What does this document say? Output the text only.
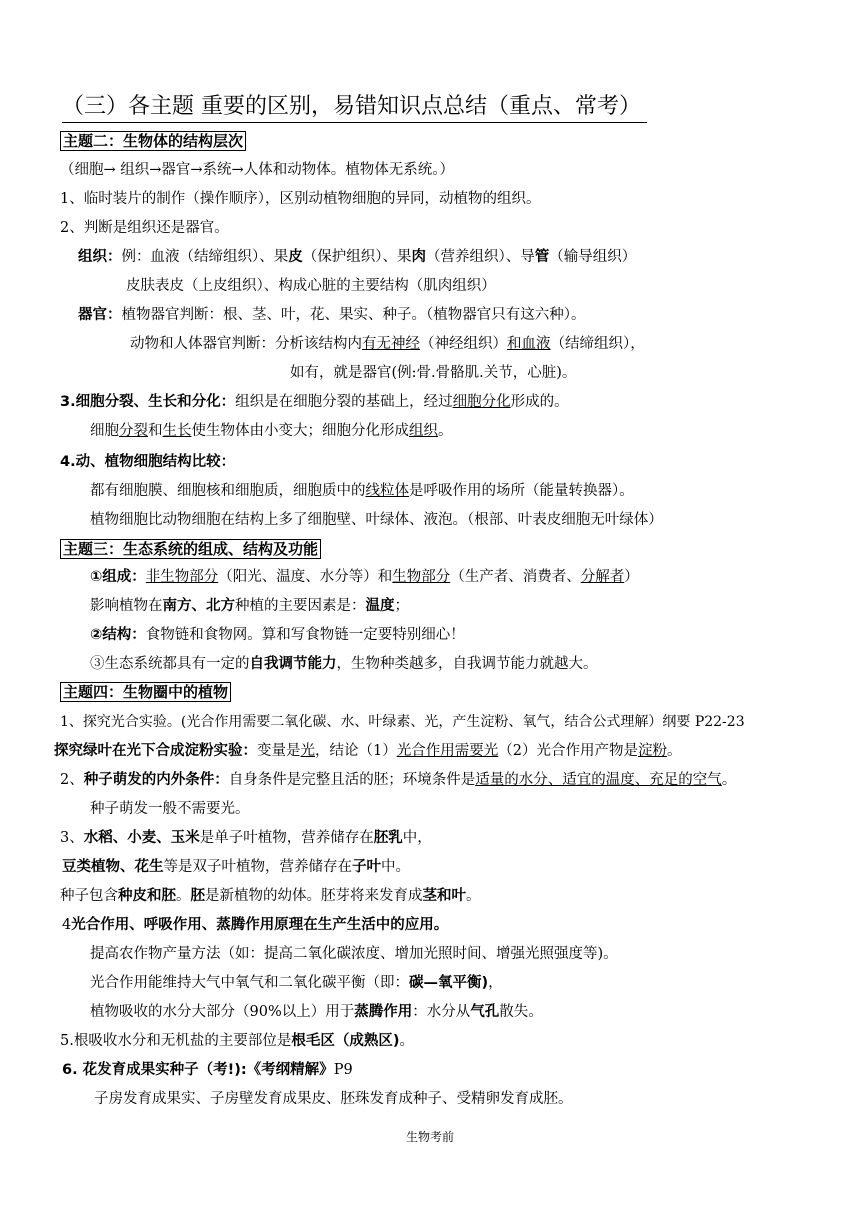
（三）各主题 重要的区别，易错知识点总结（重点、常考）
主题二：生物体的结构层次
（细胞→ 组织→器官→系统→人体和动物体。植物体无系统。）
1、临时装片的制作（操作顺序），区别动植物细胞的异同，动植物的组织。
2、判断是组织还是器官。
组织：例：血液（结缔组织）、果皮（保护组织）、果肉（营养组织）、导管（输导组织）
皮肤表皮（上皮组织）、构成心脏的主要结构（肌肉组织）
器官：植物器官判断：根、茎、叶，花、果实、种子。（植物器官只有这六种）。
动物和人体器官判断：分析该结构内有无神经（神经组织）和血液（结缔组织），
如有，就是器官(例:骨.骨骼肌.关节，心脏)。
3.细胞分裂、生长和分化：组织是在细胞分裂的基础上，经过细胞分化形成的。
细胞分裂和生长使生物体由小变大；细胞分化形成组织。
4.动、植物细胞结构比较：
都有细胞膜、细胞核和细胞质，细胞质中的线粒体是呼吸作用的场所（能量转换器）。
植物细胞比动物细胞在结构上多了细胞壁、叶绿体、液泡。（根部、叶表皮细胞无叶绿体）
主题三：生态系统的组成、结构及功能
①组成：非生物部分（阳光、温度、水分等）和生物部分（生产者、消费者、分解者）
影响植物在南方、北方种植的主要因素是：温度；
②结构：食物链和食物网。算和写食物链一定要特别细心！
③生态系统都具有一定的自我调节能力，生物种类越多，自我调节能力就越大。
主题四：生物圈中的植物
1、探究光合实验。(光合作用需要二氧化碳、水、叶绿素、光，产生淀粉、氧气，结合公式理解）纲要 P22-23
探究绿叶在光下合成淀粉实验：变量是光，结论（1）光合作用需要光（2）光合作用产物是淀粉。
2、种子萌发的内外条件：自身条件是完整且活的胚；环境条件是适量的水分、适宜的温度、充足的空气。
种子萌发一般不需要光。
3、水稻、小麦、玉米是单子叶植物，营养储存在胚乳中，
豆类植物、花生等是双子叶植物，营养储存在子叶中。
种子包含种皮和胚。胚是新植物的幼体。胚芽将来发育成茎和叶。
4光合作用、呼吸作用、蒸腾作用原理在生产生活中的应用。
提高农作物产量方法（如：提高二氧化碳浓度、增加光照时间、增强光照强度等)。
光合作用能维持大气中氧气和二氧化碳平衡（即：碳—氧平衡)，
植物吸收的水分大部分（90%以上）用于蒸腾作用：水分从气孔散失。
5.根吸收水分和无机盐的主要部位是根毛区（成熟区)。
6. 花发育成果实种子（考!):《考纲精解》P9
子房发育成果实、子房壁发育成果皮、胚珠发育成种子、受精卵发育成胚。
生物考前
